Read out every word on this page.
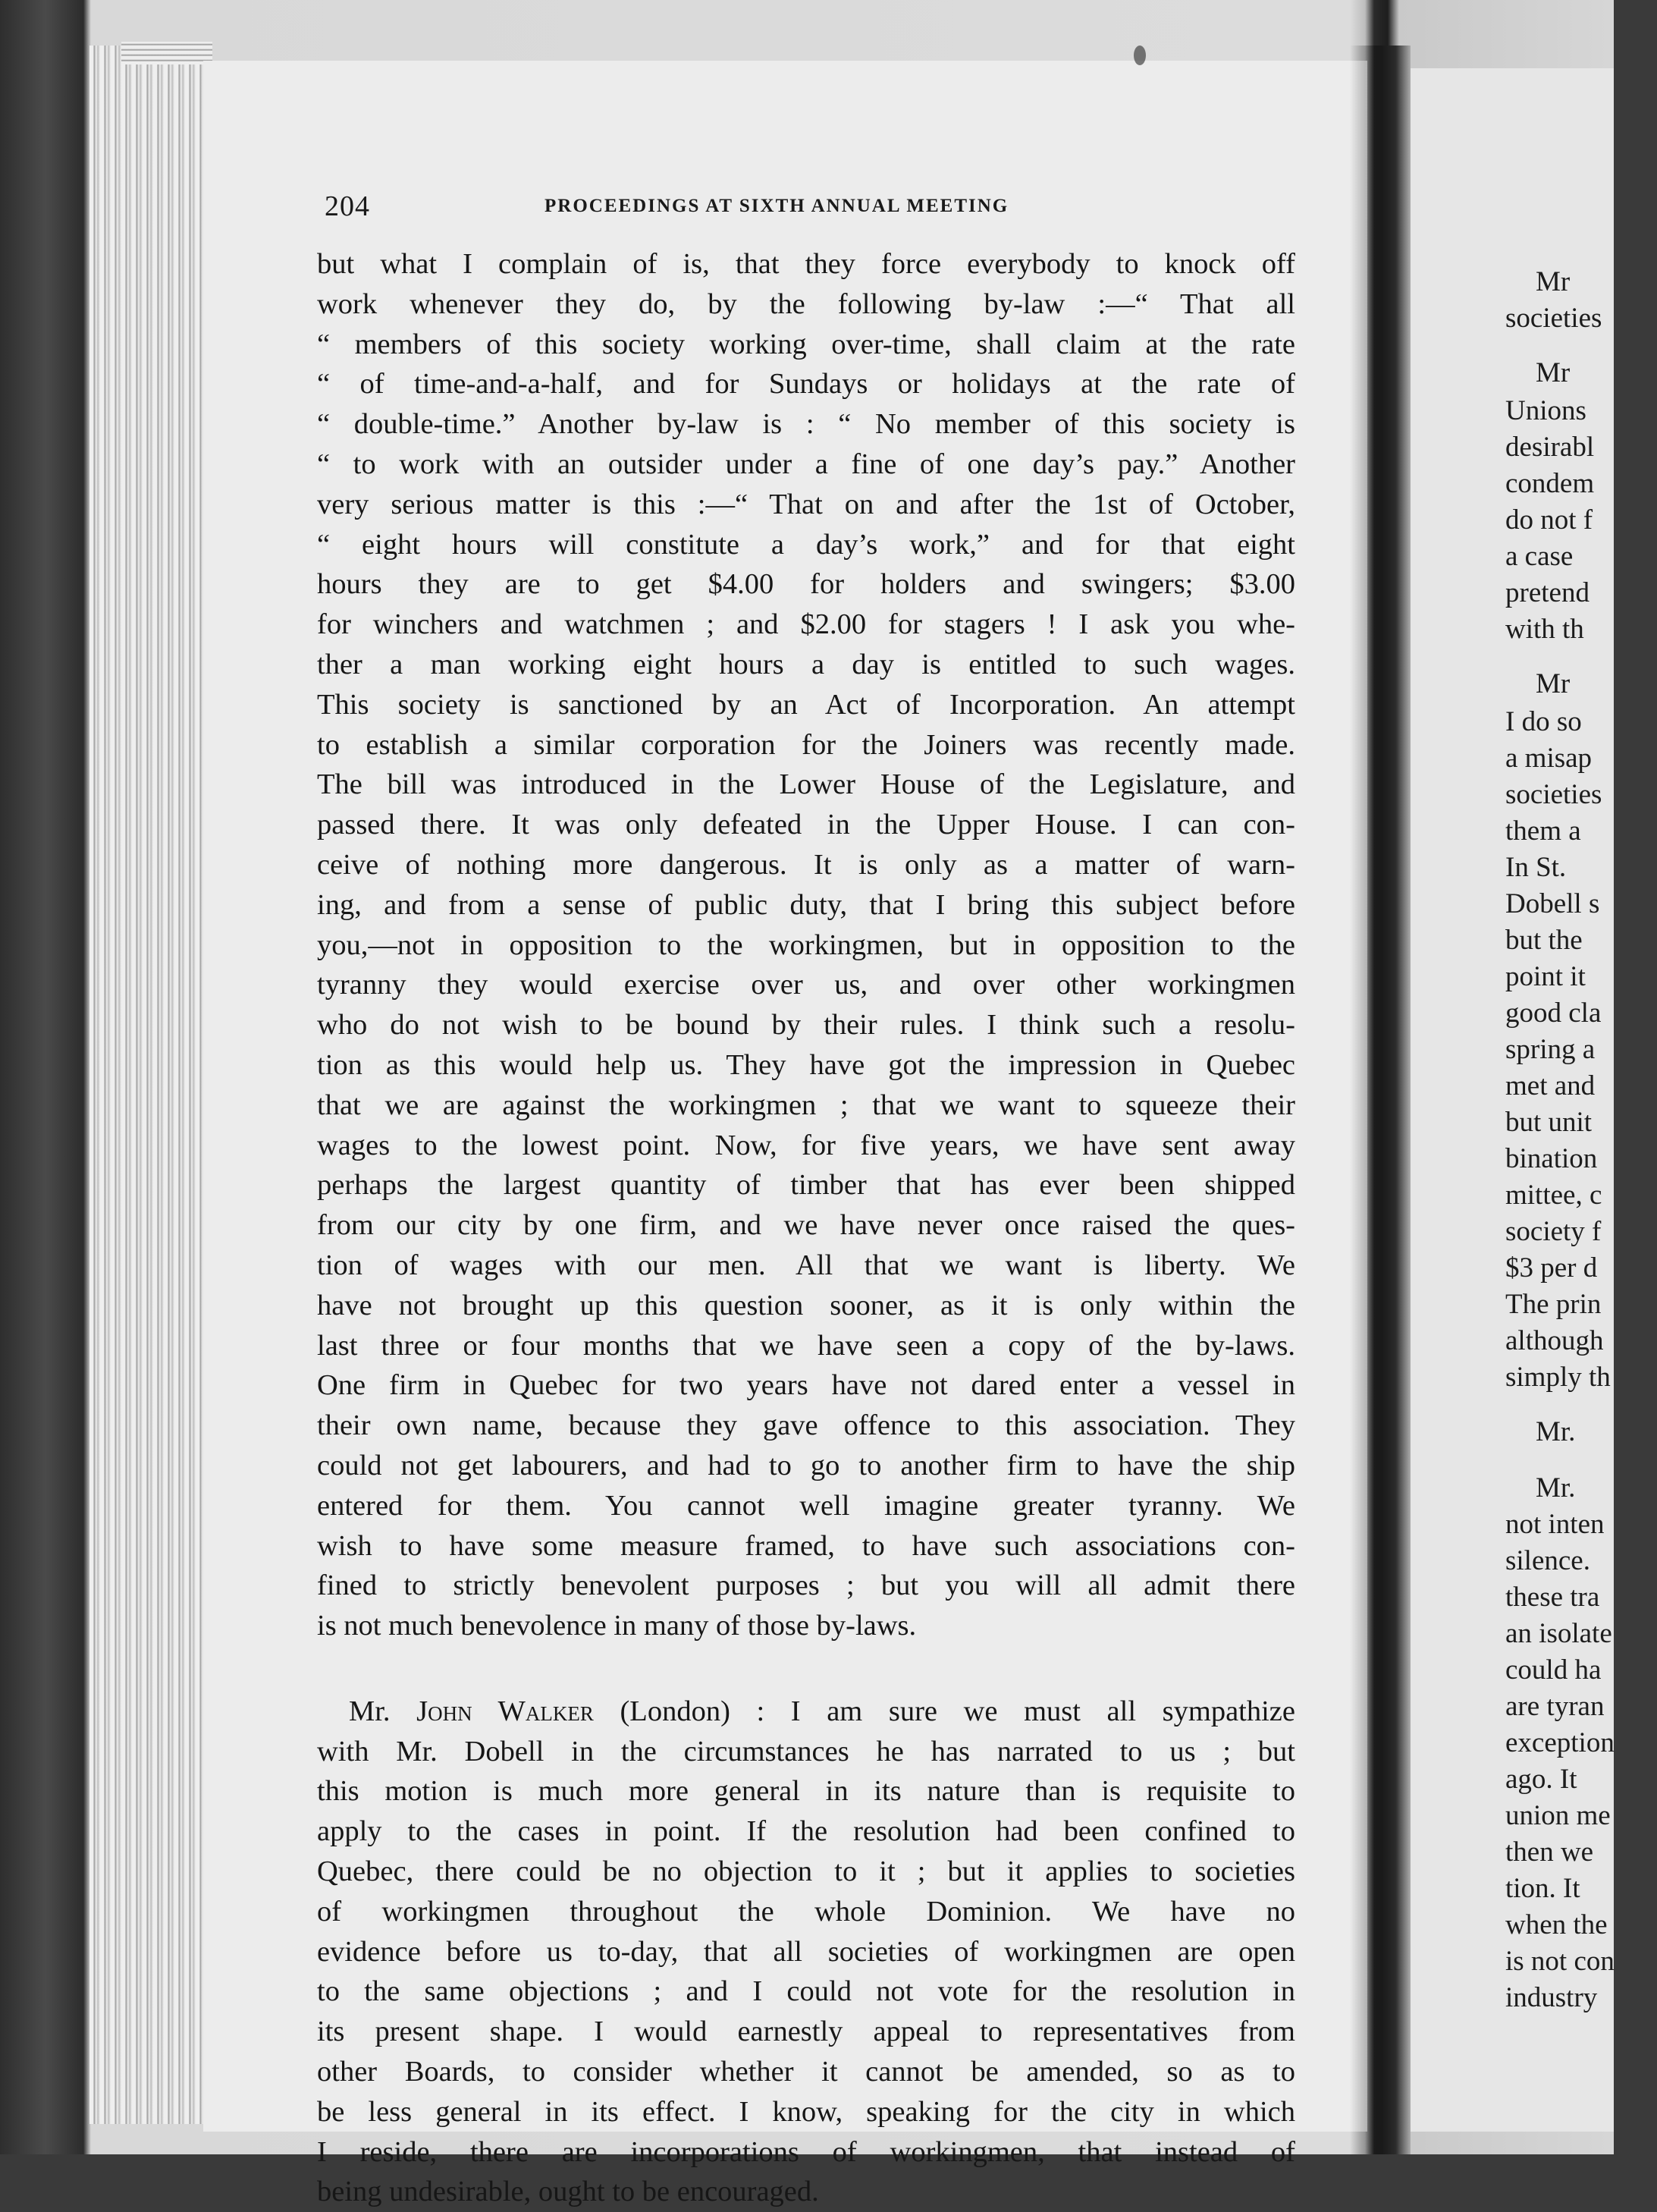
204	PROCEEDINGS AT SIXTH ANNUAL MEETING
but what I complain of is, that they force everybody to knock off
work whenever they do, by the following by-law :—“ That all
“ members of this society working over-time, shall claim at the rate
“ of time-and-a-half, and for Sundays or holidays at the rate of
“ double-time.” Another by-law is : “ No member of this society is
“ to work with an outsider under a fine of one day’s pay.” Another
very serious matter is this :—“ That on and after the 1st of October,
“ eight hours will constitute a day’s work,” and for that eight
hours they are to get $4.00 for holders and swingers; $3.00
for winchers and watchmen ; and $2.00 for stagers ! I ask you whe-
ther a man working eight hours a day is entitled to such wages.
This society is sanctioned by an Act of Incorporation. An attempt
to establish a similar corporation for the Joiners was recently made.
The bill was introduced in the Lower House of the Legislature, and
passed there. It was only defeated in the Upper House. I can con-
ceive of nothing more dangerous. It is only as a matter of warn-
ing, and from a sense of public duty, that I bring this subject before
you,—not in opposition to the workingmen, but in opposition to the
tyranny they would exercise over us, and over other workingmen
who do not wish to be bound by their rules. I think such a resolu-
tion as this would help us. They have got the impression in Quebec
that we are against the workingmen ; that we want to squeeze their
wages to the lowest point. Now, for five years, we have sent away
perhaps the largest quantity of timber that has ever been shipped
from our city by one firm, and we have never once raised the ques-
tion of wages with our men. All that we want is liberty. We
have not brought up this question sooner, as it is only within the
last three or four months that we have seen a copy of the by-laws.
One firm in Quebec for two years have not dared enter a vessel in
their own name, because they gave offence to this association. They
could not get labourers, and had to go to another firm to have the ship
entered for them. You cannot well imagine greater tyranny. We
wish to have some measure framed, to have such associations con-
fined to strictly benevolent purposes ; but you will all admit there
is not much benevolence in many of those by-laws.
Mr. John Walker (London) : I am sure we must all sympathize
with Mr. Dobell in the circumstances he has narrated to us ; but
this motion is much more general in its nature than is requisite to
apply to the cases in point. If the resolution had been confined to
Quebec, there could be no objection to it ; but it applies to societies
of workingmen throughout the whole Dominion. We have no
evidence before us to-day, that all societies of workingmen are open
to the same objections ; and I could not vote for the resolution in
its present shape. I would earnestly appeal to representatives from
other Boards, to consider whether it cannot be amended, so as to
be less general in its effect. I know, speaking for the city in which
I reside, there are incorporations of workingmen, that instead of
being undesirable, ought to be encouraged.
Mr
societies
Mr
Unions
desirabl
condem
do not f
a case
pretend
with th
Mr
I do so
a misap
societies
them a
In St.
Dobell s
but the
point it
good cla
spring a
met and
but unit
bination
mittee, c
society f
$3 per d
The prin
although
simply th
Mr.
Mr.
not inten
silence.
these tra
an isolate
could ha
are tyran
exception
ago. It
union me
then we
tion. It
when the
is not con
industry
